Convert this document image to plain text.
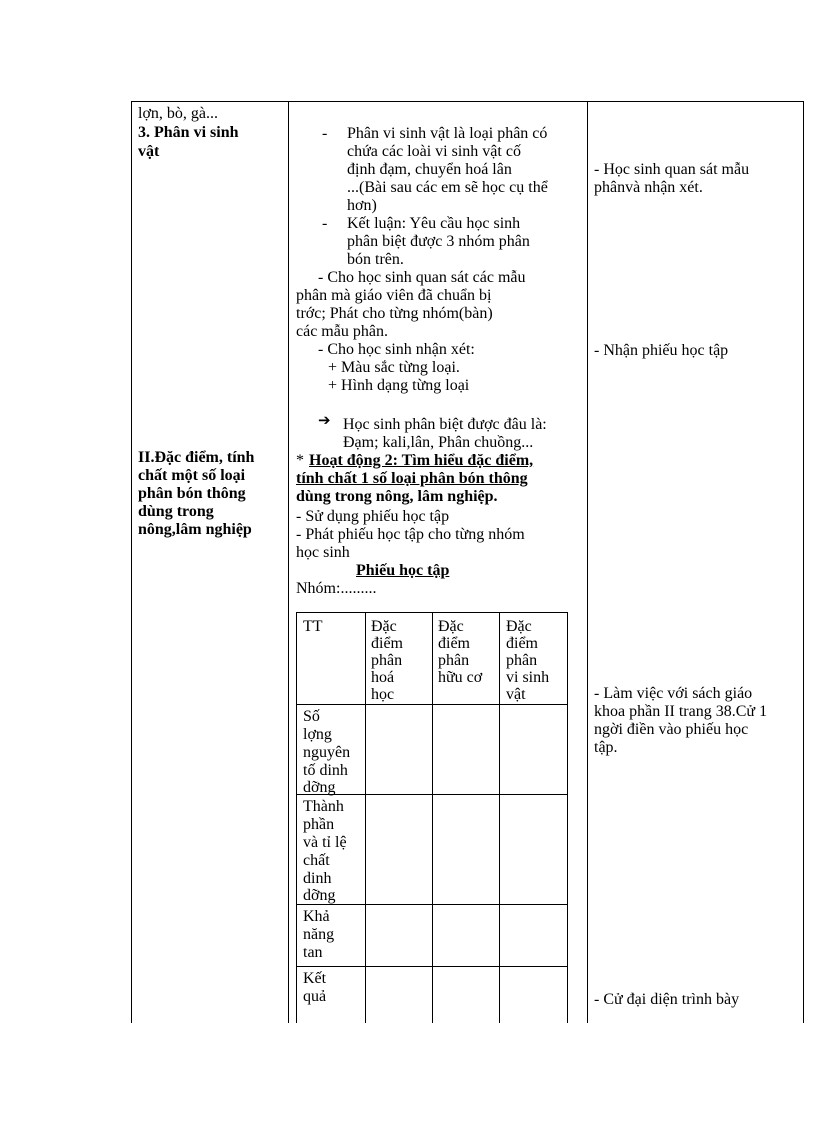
lợn, bò, gà...
3. Phân vi sinh
vật
II.Đặc điểm, tính
chất một số loại
phân bón thông
dùng trong
nông,lâm nghiệp
- Phân vi sinh vật là loại phân có
chứa các loài vi sinh vật cố
định đạm, chuyển hoá lân
...(Bài sau các em sẽ học cụ thể
hơn)
- Kết luận: Yêu cầu học sinh
phân biệt được 3 nhóm phân
bón trên.
- Cho học sinh quan sát các mẫu
phân mà giáo viên đã chuẩn bị
trớc; Phát cho từng nhóm(bàn)
các mẫu phân.
- Cho học sinh nhận xét:
+ Màu sắc từng loại.
+ Hình dạng từng loại
➔ Học sinh phân biệt được đâu là:
Đạm; kali,lân, Phân chuồng...
* Hoạt động 2: Tìm hiểu đặc điểm,
tính chất 1 số loại phân bón thông
dùng trong nông, lâm nghiệp.
- Sử dụng phiếu học tập
- Phát phiếu học tập cho từng nhóm
học sinh
Phiếu học tập
Nhóm:.........
TT	Đặc
điểm
phân
hoá
học
Đặc
điểm
phân
hữu cơ
Đặc
điểm
phân
vi sinh
vật
Số
lợng
nguyên
tố dinh
dỡng
Thành
phần
và tỉ lệ
chất
dinh
dỡng
Khả
năng
tan
Kết
quả
- Học sinh quan sát mẫu
phânvà nhận xét.
- Nhận phiếu học tập
- Làm việc với sách giáo
khoa phần II trang 38.Cử 1
ngời điền vào phiếu học
tập.
- Cử đại diện trình bày
